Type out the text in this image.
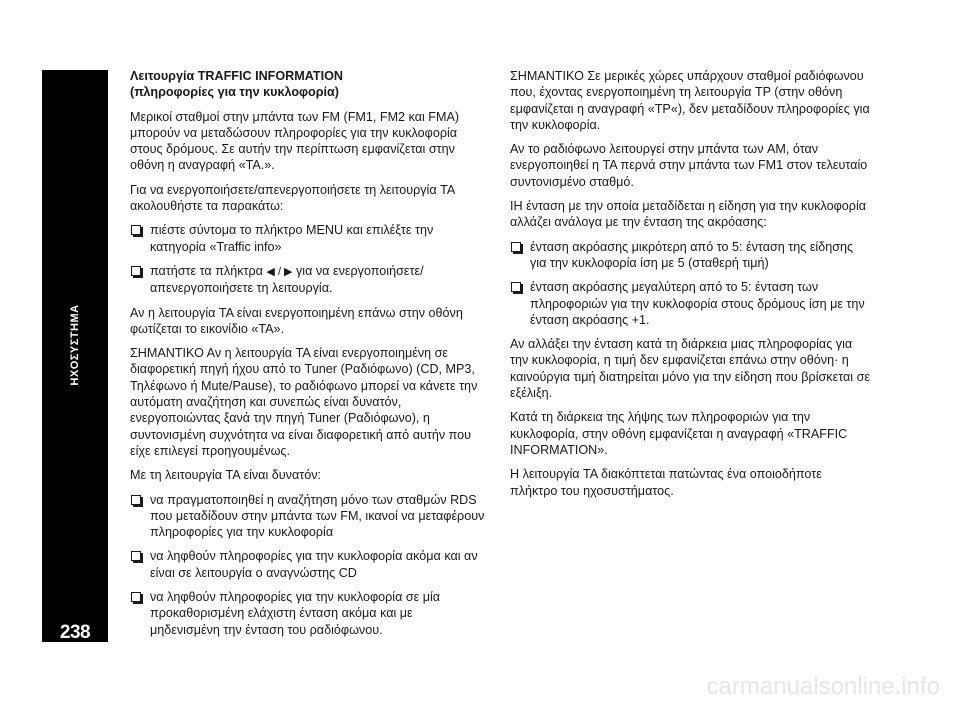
ΗΧΟΣΥΣΤΗΜΑ
238
Λειτουργία TRAFFIC INFORMATION
(πληροφορίες για την κυκλοφορία)

Μερικοί σταθμοί στην μπάντα των FM (FM1, FM2 και FMA) μπορούν να μεταδώσουν πληροφορίες για την κυκλοφορία στους δρόμους. Σε αυτήν την περίπτωση εμφανίζεται στην οθόνη η αναγραφή «TA.».

Για να ενεργοποιήσετε/απενεργοποιήσετε τη λειτουργία TA ακολουθήστε τα παρακάτω:

πιέστε σύντομα το πλήκτρο MENU και επιλέξτε την κατηγορία «Traffic info»
πατήστε τα πλήκτρα ◀ / ▶ για να ενεργοποιήσετε/ απενεργοποιήσετε τη λειτουργία.

Αν η λειτουργία TA είναι ενεργοποιημένη επάνω στην οθόνη φωτίζεται το εικονίδιο «TA».

ΣΗΜΑΝΤΙΚΟ Αν η λειτουργία TA είναι ενεργοποιημένη σε διαφορετική πηγή ήχου από το Tuner (Ραδιόφωνο) (CD, MP3, Τηλέφωνο ή Mute/Pause), το ραδιόφωνο μπορεί να κάνετε την αυτόματη αναζήτηση και συνεπώς είναι δυνατόν, ενεργοποιώντας ξανά την πηγή Tuner (Ραδιόφωνο), η συντονισμένη συχνότητα να είναι διαφορετική από αυτήν που είχε επιλεγεί προηγουμένως.

Με τη λειτουργία TA είναι δυνατόν:

να πραγματοποιηθεί η αναζήτηση μόνο των σταθμών RDS που μεταδίδουν στην μπάντα των FM, ικανοί να μεταφέρουν πληροφορίες για την κυκλοφορία
να ληφθούν πληροφορίες για την κυκλοφορία ακόμα και αν είναι σε λειτουργία ο αναγνώστης CD
να ληφθούν πληροφορίες για την κυκλοφορία σε μία προκαθορισμένη ελάχιστη ένταση ακόμα και με μηδενισμένη την ένταση του ραδιόφωνου.

ΣΗΜΑΝΤΙΚΟ Σε μερικές χώρες υπάρχουν σταθμοί ραδιόφωνου που, έχοντας ενεργοποιημένη τη λειτουργία TP (στην οθόνη εμφανίζεται η αναγραφή «TP«), δεν μεταδίδουν πληροφορίες για την κυκλοφορία.

Αν το ραδιόφωνο λειτουργεί στην μπάντα των AM, όταν ενεργοποιηθεί η TA περνά στην μπάντα των FM1 στον τελευταίο συντονισμένο σταθμό.

ΙΗ ένταση με την οποία μεταδίδεται η είδηση για την κυκλοφορία αλλάζει ανάλογα με την ένταση της ακρόασης:

ένταση ακρόασης μικρότερη από το 5: ένταση της είδησης για την κυκλοφορία ίση με 5 (σταθερή τιμή)
ένταση ακρόασης μεγαλύτερη από το 5: ένταση των πληροφοριών για την κυκλοφορία στους δρόμους ίση με την ένταση ακρόασης +1.

Αν αλλάξει την ένταση κατά τη διάρκεια μιας πληροφορίας για την κυκλοφορία, η τιμή δεν εμφανίζεται επάνω στην οθόνη· η καινούργια τιμή διατηρείται μόνο για την είδηση που βρίσκεται σε εξέλιξη.

Κατά τη διάρκεια της λήψης των πληροφοριών για την κυκλοφορία, στην οθόνη εμφανίζεται η αναγραφή «TRAFFIC INFORMATION».

Η λειτουργία TA διακόπτεται πατώντας ένα οποιοδήποτε πλήκτρο του ηχοσυστήματος.

carmanualsonline.info
